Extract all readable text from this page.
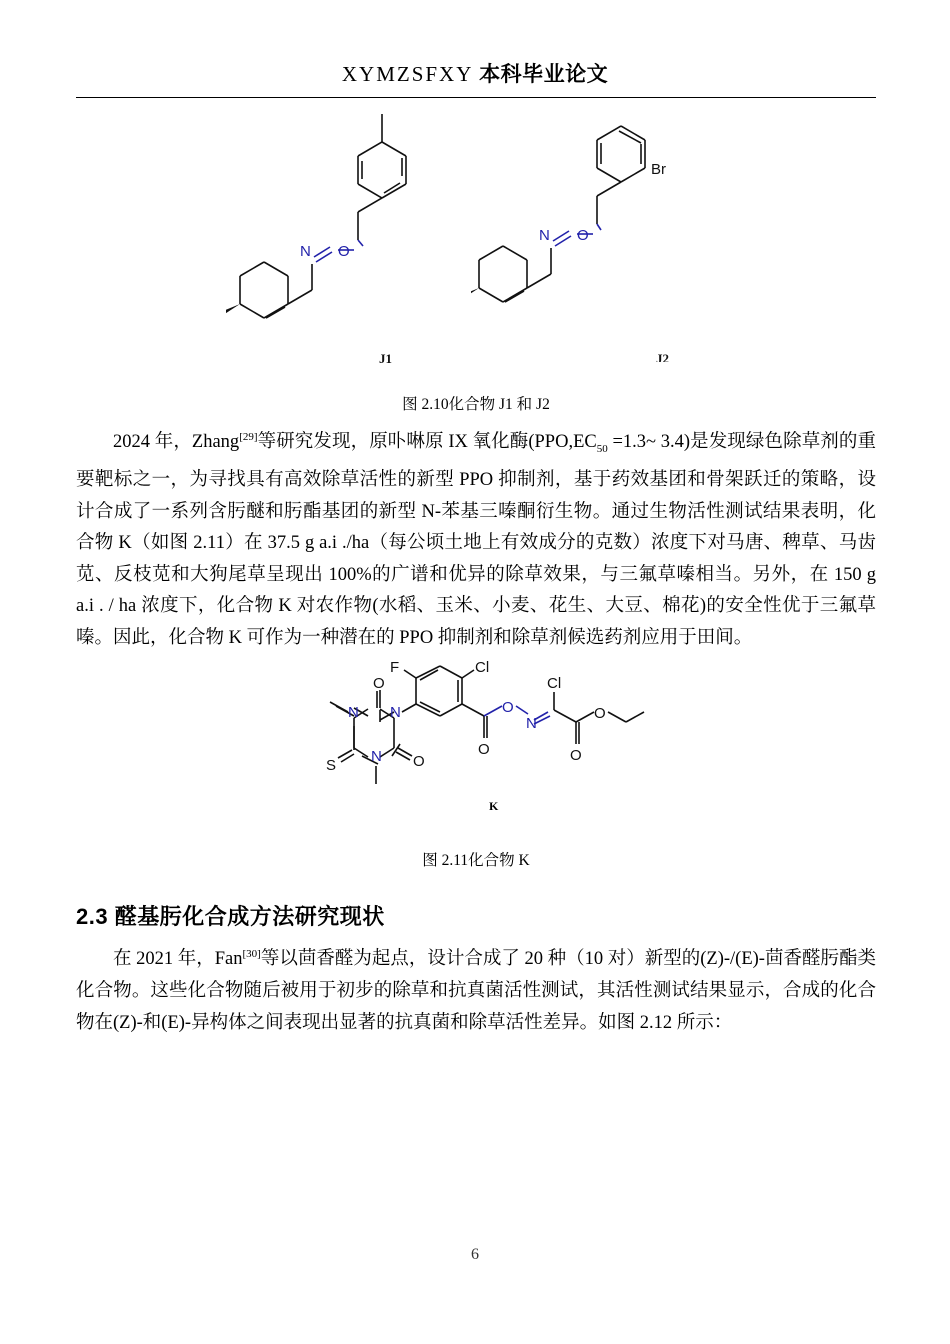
XYMZSFXY 本科毕业论文
O
N
J1
Br
O
N
J2
图 2.10化合物 J1 和 J2

2024 年，Zhang[29]等研究发现，原卟啉原 IX 氧化酶($PPO,EC_{50}$ =1.3~ 3.4)是发现绿色除草剂的重要靶标之一，为寻找具有高效除草活性的新型 PPO 抑制剂，基于药效基团和骨架跃迁的策略，设计合成了一系列含肟醚和肟酯基团的新型 N-苯基三嗪酮衍生物。通过生物活性测试结果表明，化合物 K（如图 2.11）在 37.5 g a.i ./ha（每公顷土地上有效成分的克数）浓度下对马唐、稗草、马齿苋、反枝苋和大狗尾草呈现出 100%的广谱和优异的除草效果，与三氟草嗪相当。另外，在 150 g a.i . / ha 浓度下，化合物 K 对农作物(水稻、玉米、小麦、花生、大豆、棉花)的安全性优于三氟草嗪。因此，化合物 K 可作为一种潜在的 PPO 抑制剂和除草剂候选药剂应用于田间。

N
N
N
O
S	O
F	Cl
O
O
N
Cl
O
O
K
图 2.11化合物 K
2.3 醛基肟化合成方法研究现状

在 2021 年，Fan[30]等以茴香醛为起点，设计合成了 20 种（10 对）新型的(Z)-/(E)-茴香醛肟酯类化合物。这些化合物随后被用于初步的除草和抗真菌活性测试，其活性测试结果显示，合成的化合物在(Z)-和(E)-异构体之间表现出显著的抗真菌和除草活性差异。如图 2.12 所示：

6
